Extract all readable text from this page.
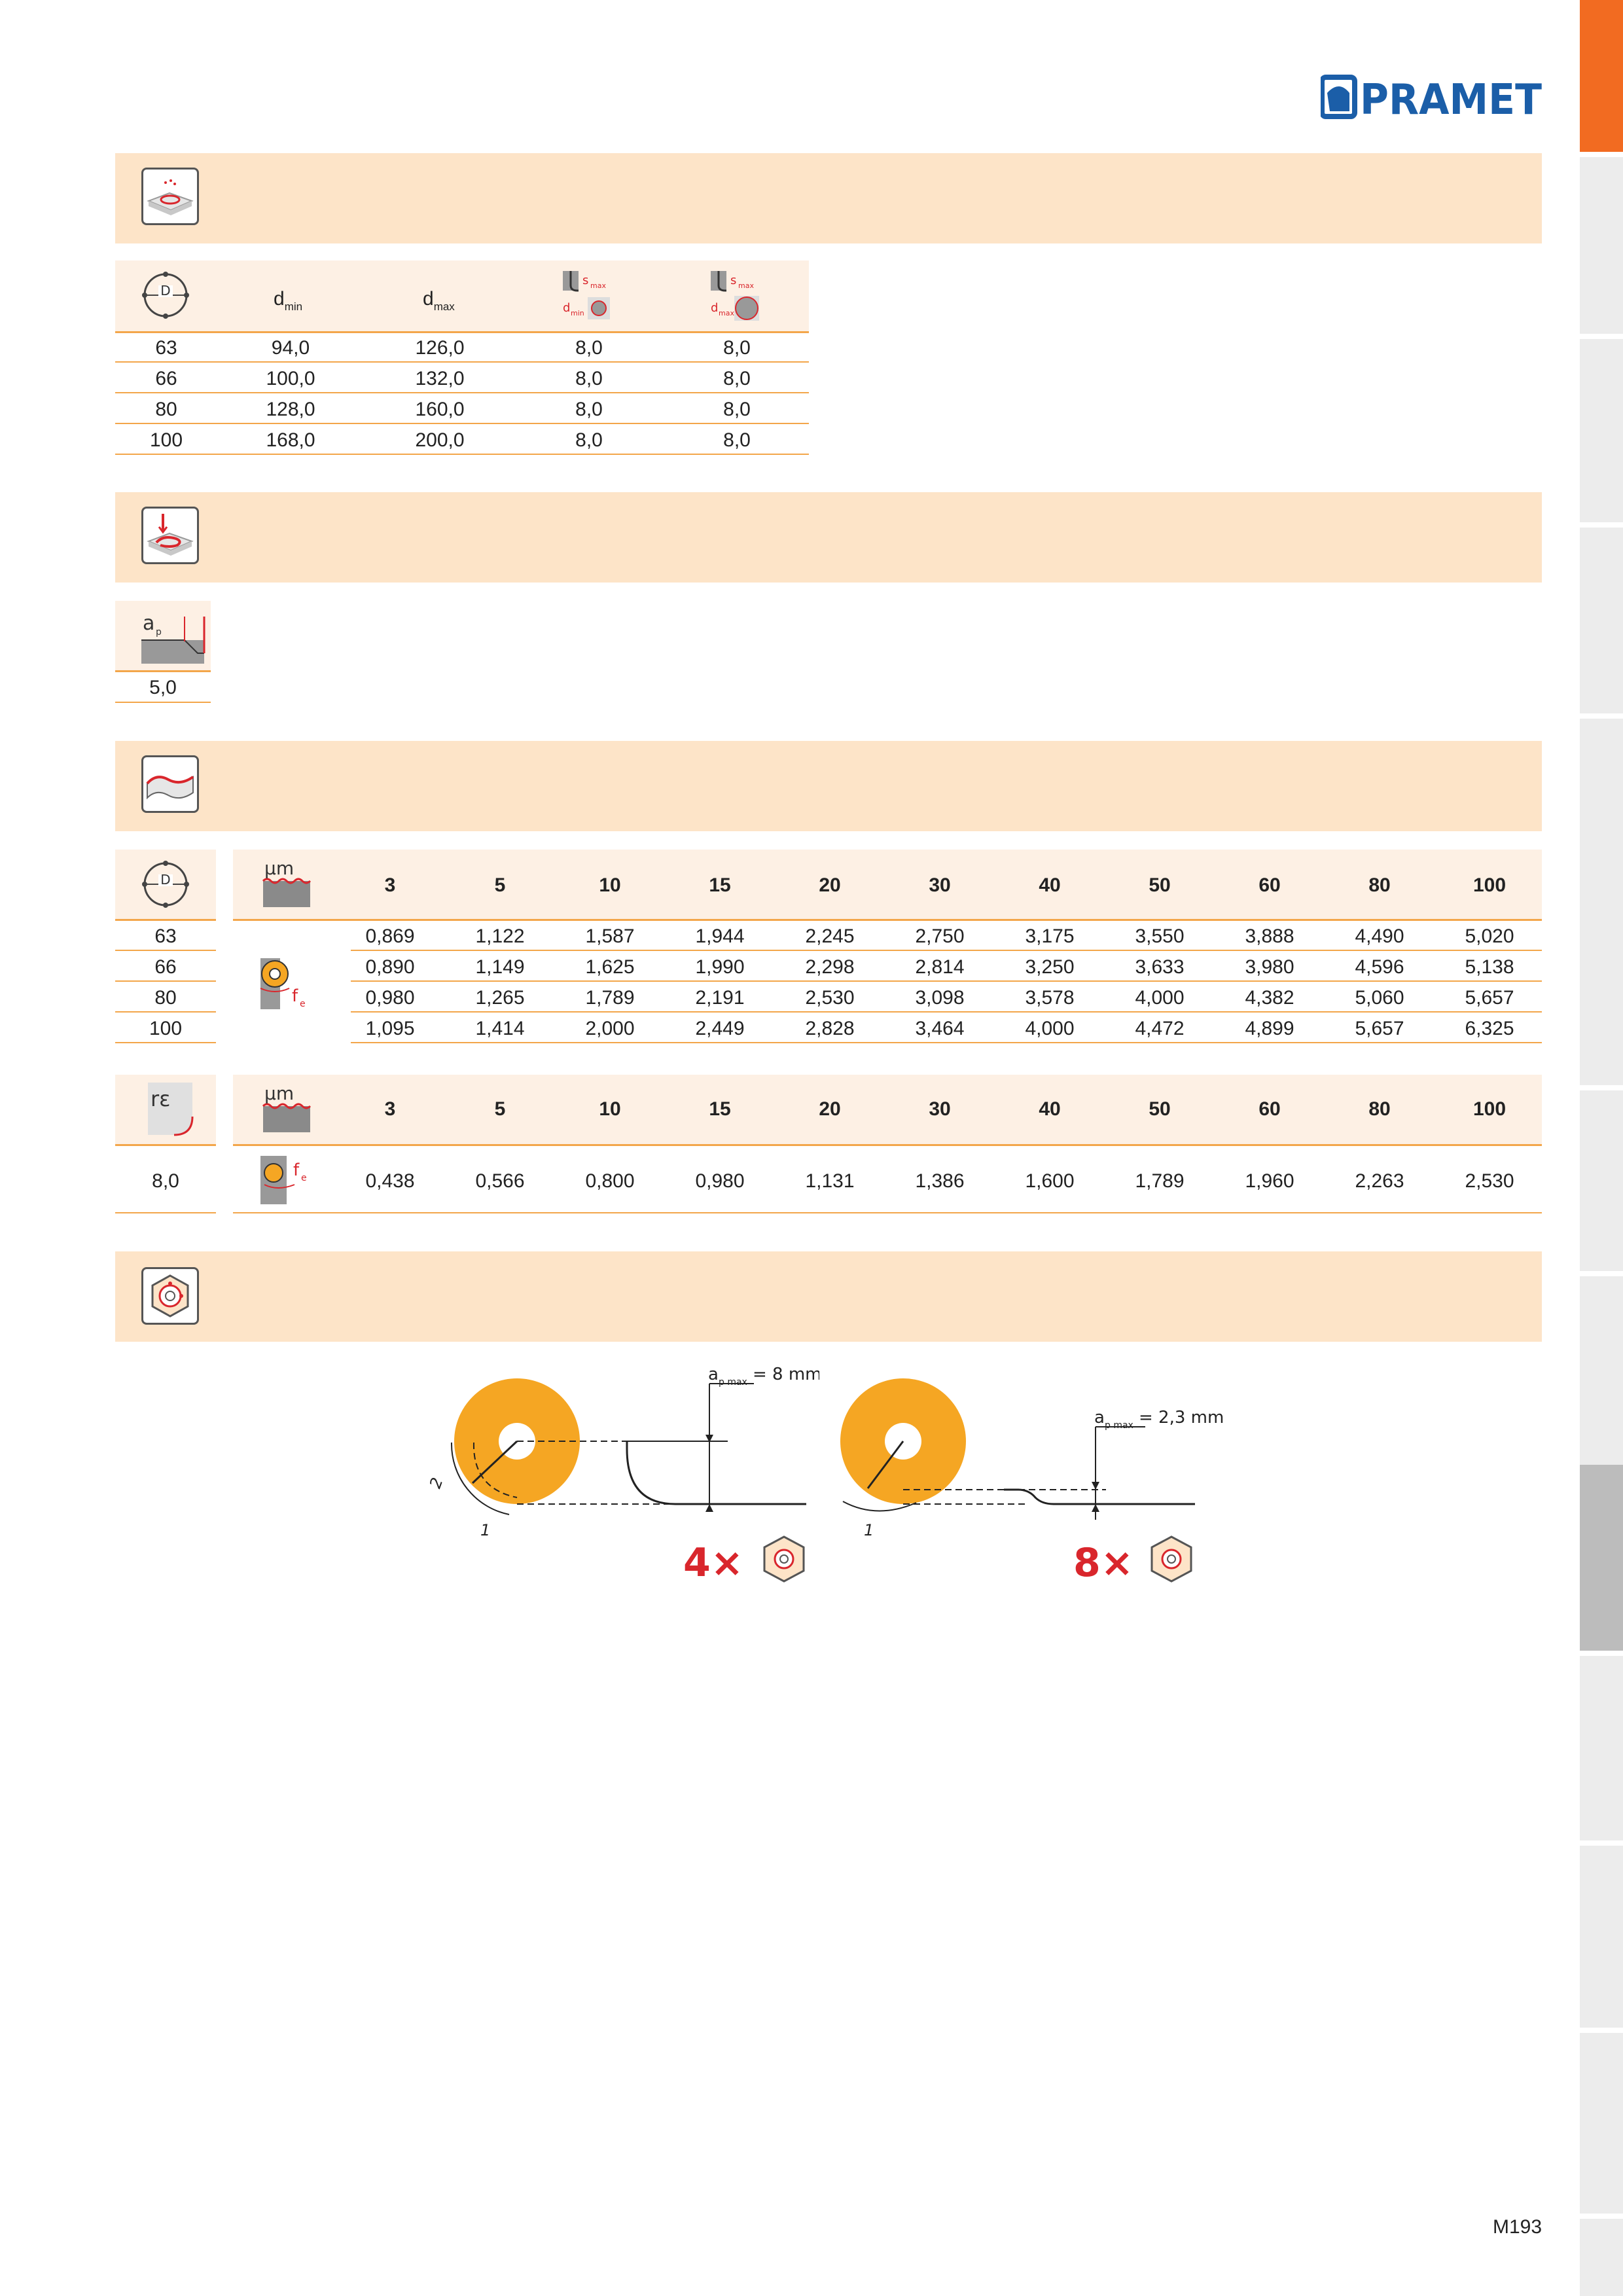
PRAMET
D	$d_{min}$	$d_{max}$
s max
d min
s max
d max
63	94,0	126,0	8,0	8,0
66	100,0	132,0	8,0	8,0
80	128,0	160,0	8,0	8,0
100	168,0	200,0	8,0	8,0
a p
5,0
D
µm
3	5	10	15	20	30	40	50	60	80	100
f e
63	0,869	1,122	1,587	1,944	2,245	2,750	3,175	3,550	3,888	4,490	5,020
66	0,890	1,149	1,625	1,990	2,298	2,814	3,250	3,633	3,980	4,596	5,138
80	0,980	1,265	1,789	2,191	2,530	3,098	3,578	4,000	4,382	5,060	5,657
100	1,095	1,414	2,000	2,449	2,828	3,464	4,000	4,472	4,899	5,657	6,325
rε	µm
3	5	10	15	20	30	40	50	60	80	100
f e
8,0	0,438	0,566	0,800	0,980	1,131	1,386	1,600	1,789	1,960	2,263	2,530
a p max = 8 mm
1
2
4×
a p max = 2,3 mm
1
8×
M193
